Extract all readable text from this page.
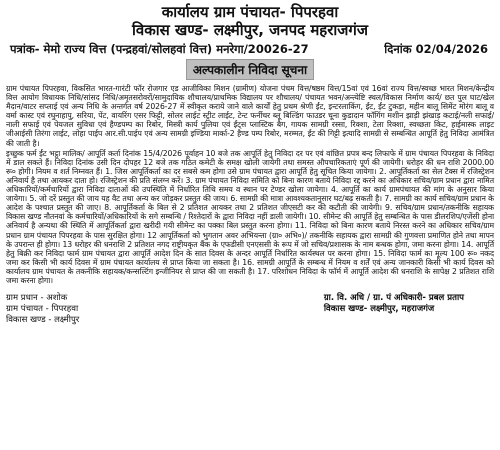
कार्यालय ग्राम पंचायत- पिपरहवा
विकास खण्ड- लक्ष्मीपुर, जनपद महराजगंज
पत्रांक- मेमो राज्य वित्त (पन्द्रहवां/सोलहवां वित्त) मनरेगा/20026-27	दिनांक 02/04/2026
अल्पकालीन निविदा सूचना

ग्राम पंचायत पिपरहवा, विकसित भारत-गारंटी फॉर रोजगार एड आजीविका मिशन (ग्रामीण) योजना पंचम वित्त/षष्ठम वित्त/15वां एवं 16वां राज्य वित्त/स्वच्छ भारत मिशन/केन्द्रीय वित्त आयोग विधायक निधि/सांसद निधि/अमृतसरोवरों/सामुदायिक शौचालय/प्राथमिक विद्यालय पर शौचालय/ पंचायत भवन/अन्त्येष्टि स्थल/विकास निर्माण कार्य/ छत पुल घाट/खेल मैदान/वाटर सप्लाई एवं अन्य निधि के अन्तर्गत वर्ष 2026-27 में स्वीकृत कराये जाने वाले कार्यों हेतु प्रथम श्रेणी ईंट, इन्टरलाकिंग, ईंट, ईंट टुकड़ा, महीन बालू सिमेंट मोरंग बालू व वर्मा कास्ट एवं रघुनाहापु, सरिया, पेंट, वायरिंग एसर फिट्टी, सोलर लाईट स्ट्रीट लाईट, टेन्ट फर्नीचर ब्लू बिल्डिंग फाउडर चूना कुडादान फॉगिंग मशीन झाड़ी झंखाड़ कटाई/नली सफाई/ नाली सफाई एवं पेयजल सुविधा एवं हैण्डपम्प का रिबोर, मिस्त्री कार्य पुलिया एवं ईंट्स प्लास्टिक बैग, गायक सामग्री रस्सा, रिक्शा, टेला रिक्शा, स्वच्छता किट, हाईमास्क लाइट जीआईसी तिरंगा लाईट, लोहा पाईप आर.सी.पाईप एवं अन्य सामग्री इण्डिया मार्का-2 हैण्ड पम्प रिबोर, मरम्मत, ईंट की गिट्टी इत्यादि सामग्री से सम्बन्धित आपूर्ति हेतु निविदा आमंत्रित की जाती है।

इच्छुक फर्म ईंट भट्ठा मालिक/ आपूर्ति कर्ता दिनांक 15/4/2026 पूर्वाहन 10 बजे तक आपूर्ति हेतु निविदा दर पर एवं वांछित प्रपत्र बन्द लिफाफे में ग्राम पंचायत पिपरहवा के निविदा में डाल सकते हैं। निविदा दिनांक उसी दिन दोपहर 12 बजे तक गठित कमेटी के समक्ष खोली जायेगी तथा समस्त औपचारिकताएं पूर्ण की जायेगी। धरोहर की धन राशि 2000.00 रू० होगी। नियम व शर्त निम्नवत हैं। 1. जिस आपूर्तिकर्ता का दर सबसे कम होगा उसे ग्राम पंचायत द्वारा आपूर्ति हेतु सूचित किया जायेगा। 2. आपूर्तिकर्ता का सेल टैक्स में रजिस्ट्रेशन अनिवार्य है तथा आयकर दाता हो। रजिस्ट्रेशन की प्रति संलग्न करें। 3. ग्राम पंचायत निविदा समिति को बिना कारण बताये निविदा रद्द करने का अधिकार सचिव/ग्राम प्रधान द्वारा नामित अधिकारियों/कर्मचारियों द्वारा निविदा दाताओं की उपस्थिति में निर्धारित तिथि समय व स्थान पर टेण्डर खोला जायेगा। 4. आपूर्ति का कार्य ग्रामपंचायत की मांग के अनुसार किया जायेगा। 5. जो दरें प्रस्तुत की जाय यह वैट तथा अन्य कर जोड़कर प्रस्तुत की जाय। 6. सामग्री की मात्रा आवश्यकतानुसार घट/बढ़ सकती है। 7. सामग्री का कार्य सचिव/ग्राम प्रधान के आदेश के पश्चात प्रस्तुत की जाए। 8. आपूर्तिकर्ता के बिल से 2 प्रतिशत आयकर तथा 2 प्रतिशत जीएसटी कर की कटौती की जायेगी। 9. सचिव/ग्राम प्रधान/तकनीकि सहायक विकास खण्ड नौतनवां के कर्मचारियों/अधिकारियों के सगे सम्बन्धि / रिश्तेदारों के द्वारा निविदा नहीं डाली जायेगी। 10. सीमेन्ट की आपूर्ति हेतु सम्बन्धित के पास डीलरशिप/एजेंसी होना अनिवार्य है अन्यथा की स्थिति में आपूर्तिकर्ता द्वारा खरीदी गयी सीमेन्ट का पक्का बिल प्रस्तुत करना होगा। 11. निविदा को बिना कारण बताये निरस्त करने का अधिकार सचिव/ग्राम प्रधान ग्राम पंचायत पिपरहवा के पास सुरक्षित होगा। 12 आपूर्तिकर्ता को भुगतान अवर अभियन्ता (ग्रा० अभि०)/ तकनीकि सहायक द्वारा सामग्री की गुणवत्ता प्रमाणित होने तथा मापन के उपरान्त ही होगा। 13 धरोहर की धनराशि 2 प्रतिशत नगद राष्ट्रीयकृत बैंक के एफडीसी एनएससी के रूप में जो सचिव/प्रशासक के नाम बन्धक होगा, जमा करना होगा। 14. आपूर्ति हेतु बिक्री कर निविदा फार्म ग्राम पंचायत द्वारा आपूर्ति आदेश दिन के सात दिवस के अन्दर आपूर्ति निर्धारित कार्यस्थल पर करना होगा। 15. निविदा फार्म का मूल्य 100 रू० नकद जमा कर किसी भी कार्य दिवस में ग्राम पंचायत कार्यालय से प्राप्त किया जा सकता है। 16. सामग्री आपूर्ति के सम्बन्ध में नियम व शर्तें एवं अन्य जानकारी किसी भी कार्य दिवस को कार्यालय ग्राम पंचायत के तकनीकि सहायक/कन्सल्टिंग इन्जीनियर से प्राप्त की जा सकती है। 17. परिशोधन निविदा के फॉर्म में आपूर्ति आदेश की धनराशि के सापेक्ष 2 प्रतिशत राशि जमा करना होगा।

ग्राम प्रधान - अशोक
ग्राम पंचायत - पिपरहवा
विकास खण्ड - लक्ष्मीपुर
ग्रा. वि. अधि / ग्रा. पं अधिकारी- प्रबल प्रताप
विकास खण्ड- लक्ष्मीपुर, महराजगंज
